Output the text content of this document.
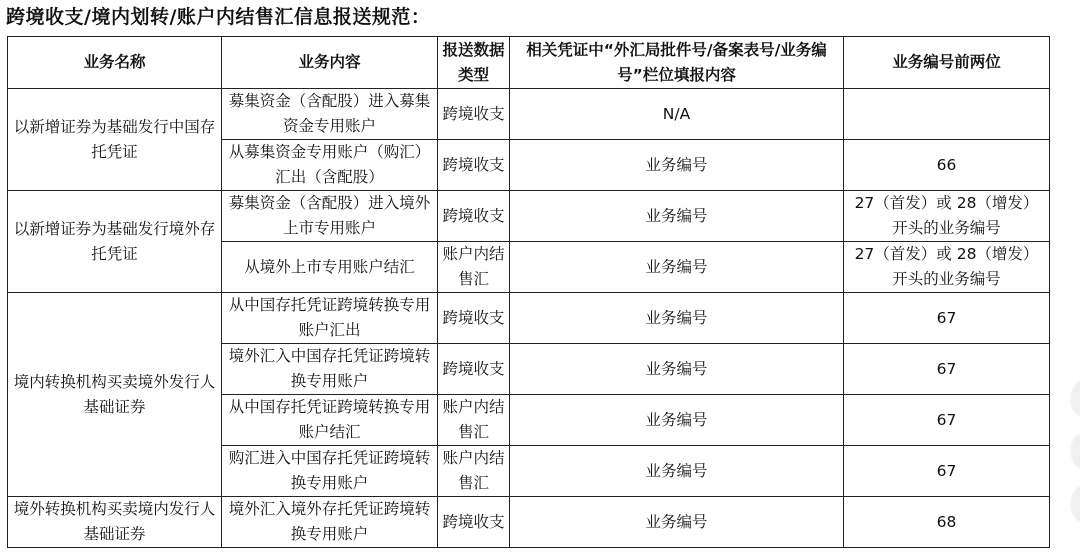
跨境收支/境内划转/账户内结售汇信息报送规范：
业务名称	业务内容	报送数据类型	相关凭证中“外汇局批件号/备案表号/业务编号”栏位填报内容	业务编号前两位
以新增证券为基础发行中国存托凭证	募集资金（含配股）进入募集资金专用账户	跨境收支	N/A	
	从募集资金专用账户（购汇）汇出（含配股）	跨境收支	业务编号	66
以新增证券为基础发行境外存托凭证	募集资金（含配股）进入境外上市专用账户	跨境收支	业务编号	27（首发）或 28（增发）开头的业务编号
	从境外上市专用账户结汇	账户内结售汇	业务编号	27（首发）或 28（增发）开头的业务编号
境内转换机构买卖境外发行人基础证券	从中国存托凭证跨境转换专用账户汇出	跨境收支	业务编号	67
	境外汇入中国存托凭证跨境转换专用账户	跨境收支	业务编号	67
	从中国存托凭证跨境转换专用账户结汇	账户内结售汇	业务编号	67
	购汇进入中国存托凭证跨境转换专用账户	账户内结售汇	业务编号	67
境外转换机构买卖境内发行人基础证券	境外汇入境外存托凭证跨境转换专用账户	跨境收支	业务编号	68
